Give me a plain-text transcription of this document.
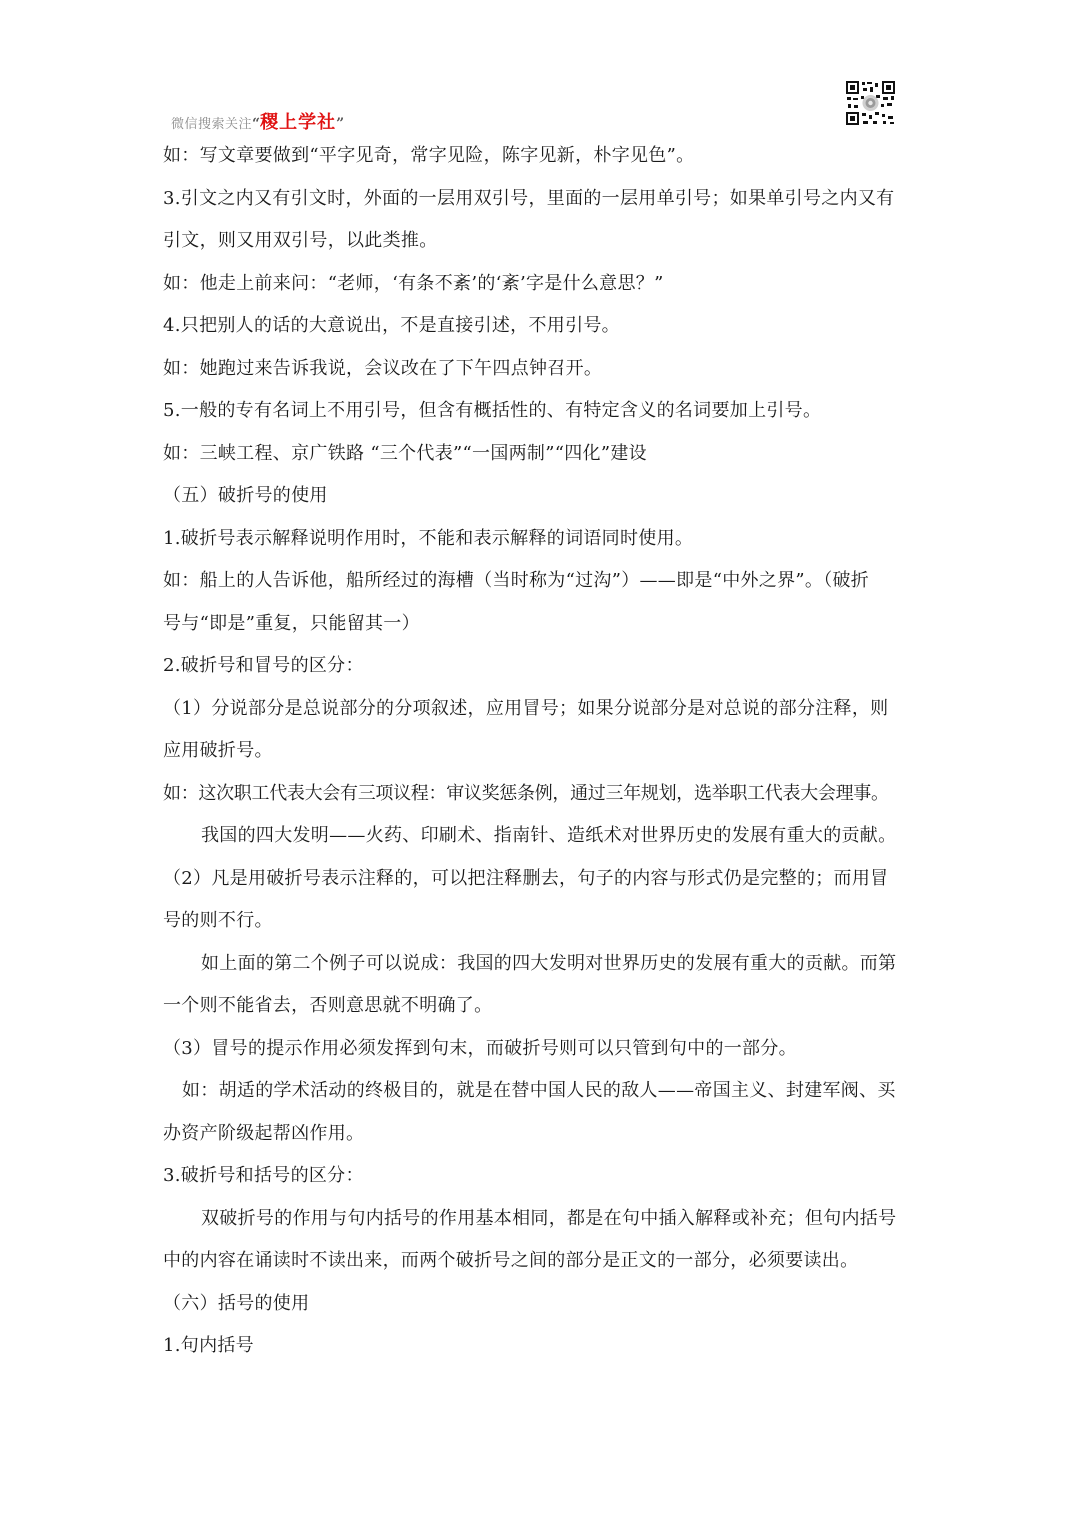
微信搜索关注 “ 稷上学社 ”
如：写文章要做到“平字见奇，常字见险，陈字见新，朴字见色”。
3.引文之内又有引文时，外面的一层用双引号，里面的一层用单引号；如果单引号之内又有
引文，则又用双引号，以此类推。
如：他走上前来问：“老师，‘有条不紊’的‘紊’字是什么意思？”
4.只把别人的话的大意说出，不是直接引述，不用引号。
如：她跑过来告诉我说，会议改在了下午四点钟召开。
5.一般的专有名词上不用引号，但含有概括性的、有特定含义的名词要加上引号。
如：三峡工程、京广铁路 “三个代表”“一国两制”“四化”建设
（五）破折号的使用
1.破折号表示解释说明作用时，不能和表示解释的词语同时使用。
如：船上的人告诉他，船所经过的海槽（当时称为“过沟”）——即是“中外之界”。（破折
号与“即是”重复，只能留其一）
2.破折号和冒号的区分：
（1）分说部分是总说部分的分项叙述，应用冒号；如果分说部分是对总说的部分注释，则
应用破折号。
如：这次职工代表大会有三项议程：审议奖惩条例，通过三年规划，选举职工代表大会理事。
我国的四大发明——火药、印刷术、指南针、造纸术对世界历史的发展有重大的贡献。
（2）凡是用破折号表示注释的，可以把注释删去，句子的内容与形式仍是完整的；而用冒
号的则不行。
如上面的第二个例子可以说成：我国的四大发明对世界历史的发展有重大的贡献。而第
一个则不能省去，否则意思就不明确了。
（3）冒号的提示作用必须发挥到句末，而破折号则可以只管到句中的一部分。
如：胡适的学术活动的终极目的，就是在替中国人民的敌人——帝国主义、封建军阀、买
办资产阶级起帮凶作用。
3.破折号和括号的区分：
双破折号的作用与句内括号的作用基本相同，都是在句中插入解释或补充；但句内括号
中的内容在诵读时不读出来，而两个破折号之间的部分是正文的一部分，必须要读出。
（六）括号的使用
1.句内括号
